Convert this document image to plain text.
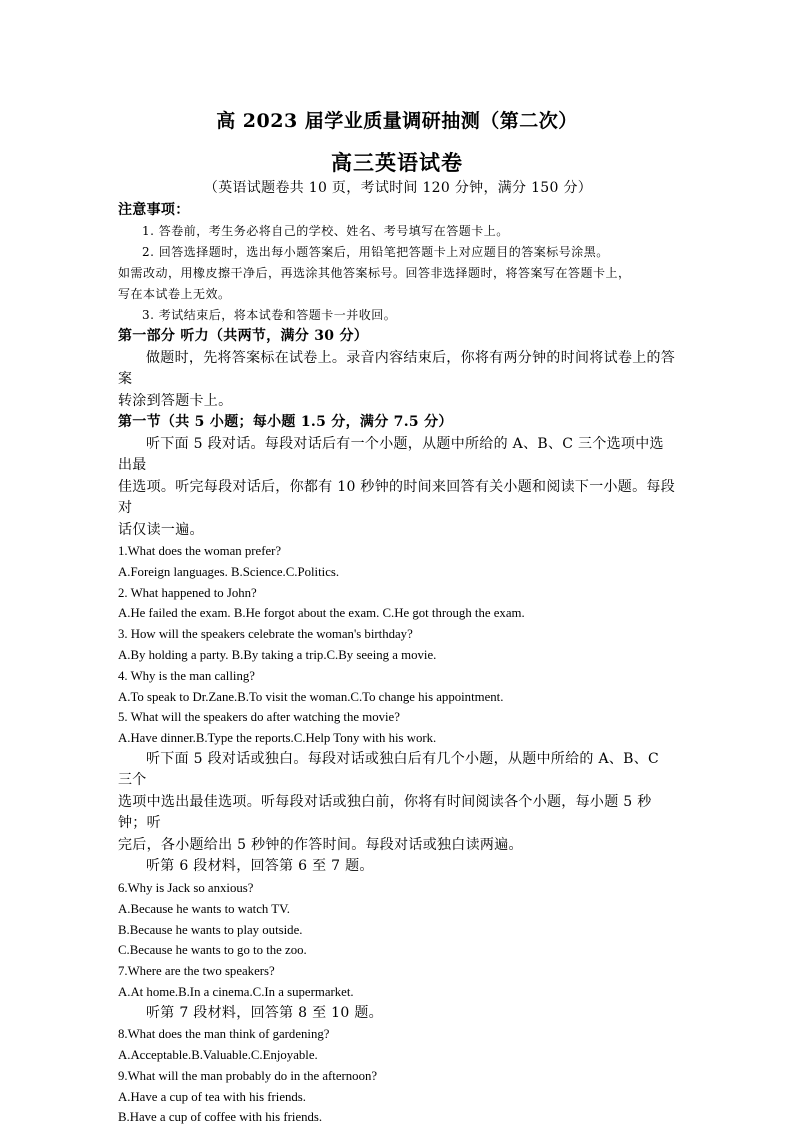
高 2023 届学业质量调研抽测（第二次）
高三英语试卷

（英语试题卷共 10 页，考试时间 120 分钟，满分 150 分）

注意事项：

1. 答卷前，考生务必将自己的学校、姓名、考号填写在答题卡上。

2. 回答选择题时，选出每小题答案后，用铅笔把答题卡上对应题目的答案标号涂黑。

如需改动，用橡皮擦干净后，再选涂其他答案标号。回答非选择题时，将答案写在答题卡上，

写在本试卷上无效。

3. 考试结束后，将本试卷和答题卡一并收回。

第一部分 听力（共两节，满分 30 分）

做题时，先将答案标在试卷上。录音内容结束后，你将有两分钟的时间将试卷上的答案

转涂到答题卡上。

第一节（共 5 小题；每小题 1.5 分，满分 7.5 分）

听下面 5 段对话。每段对话后有一个小题，从题中所给的 A、B、C 三个选项中选出最

佳选项。听完每段对话后，你都有 10 秒钟的时间来回答有关小题和阅读下一小题。每段对

话仅读一遍。

1.What does the woman prefer?

A.Foreign languages. B.Science.C.Politics.

2. What happened to John?

A.He failed the exam. B.He forgot about the exam. C.He got through the exam.

3. How will the speakers celebrate the woman's birthday?

A.By holding a party. B.By taking a trip.C.By seeing a movie.

4. Why is the man calling?

A.To speak to Dr.Zane.B.To visit the woman.C.To change his appointment.

5. What will the speakers do after watching the movie?

A.Have dinner.B.Type the reports.C.Help Tony with his work.

听下面 5 段对话或独白。每段对话或独白后有几个小题，从题中所给的 A、B、C 三个

选项中选出最佳选项。听每段对话或独白前，你将有时间阅读各个小题，每小题 5 秒钟；听

完后，各小题给出 5 秒钟的作答时间。每段对话或独白读两遍。

听第 6 段材料，回答第 6 至 7 题。

6.Why is Jack so anxious?

A.Because he wants to watch TV.

B.Because he wants to play outside.

C.Because he wants to go to the zoo.

7.Where are the two speakers?

A.At home.B.In a cinema.C.In a supermarket.

听第 7 段材料，回答第 8 至 10 题。

8.What does the man think of gardening?

A.Acceptable.B.Valuable.C.Enjoyable.

9.What will the man probably do in the afternoon?

A.Have a cup of tea with his friends.

B.Have a cup of coffee with his friends.
